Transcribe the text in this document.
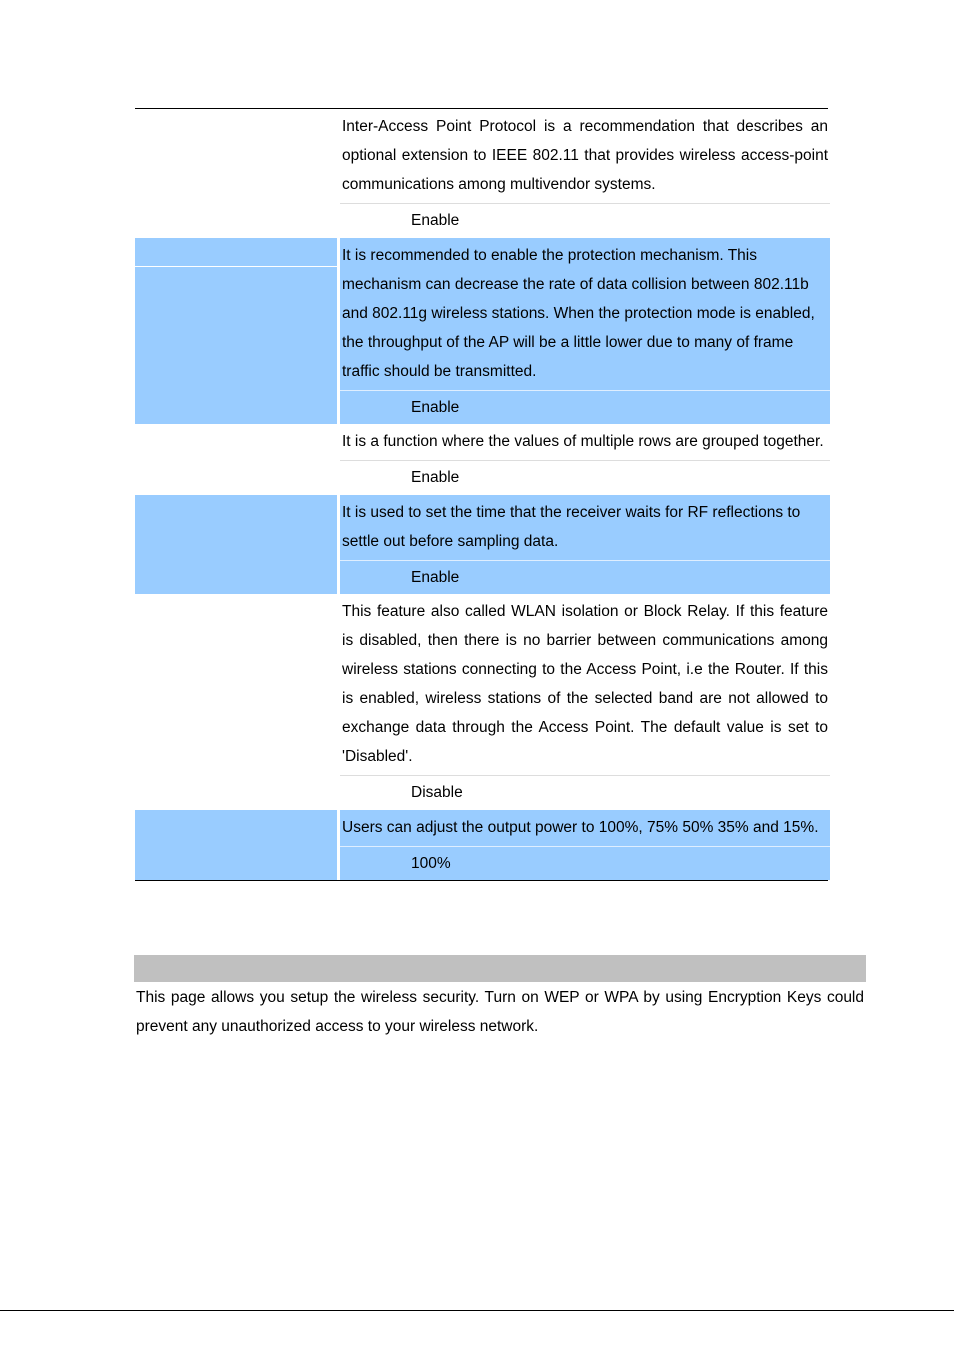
Inter-Access Point Protocol is a recommendation that describes an optional extension to IEEE 802.11 that provides wireless access-point communications among multivendor systems.
Enable
It is recommended to enable the protection mechanism. This mechanism can decrease the rate of data collision between 802.11b and 802.11g wireless stations. When the protection mode is enabled, the throughput of the AP will be a little lower due to many of frame traffic should be transmitted.
Enable
It is a function where the values of multiple rows are grouped together.
Enable
It is used to set the time that the receiver waits for RF reflections to settle out before sampling data.
Enable
This feature also called WLAN isolation or Block Relay. If this feature is disabled, then there is no barrier between communications among wireless stations connecting to the Access Point, i.e the Router. If this is enabled, wireless stations of the selected band are not allowed to exchange data through the Access Point. The default value is set to 'Disabled'.
Disable
Users can adjust the output power to 100%, 75% 50% 35% and 15%.
100%
This page allows you setup the wireless security. Turn on WEP or WPA by using Encryption Keys could prevent any unauthorized access to your wireless network.
